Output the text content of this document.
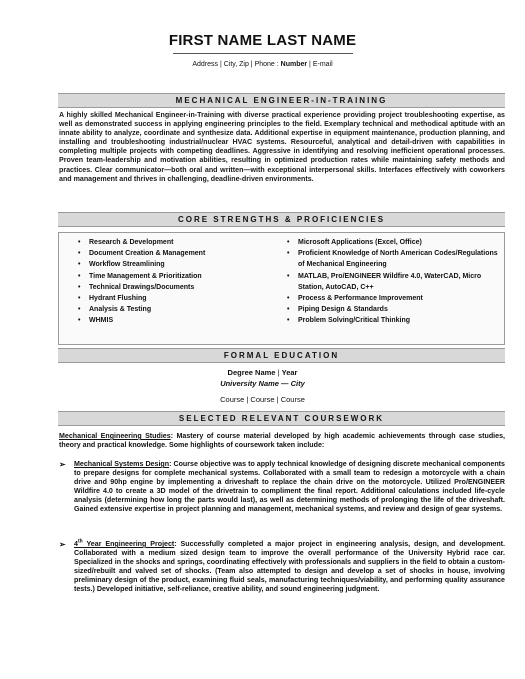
FIRST NAME LAST NAME
Address | City, Zip | Phone : Number | E-mail
MECHANICAL ENGINEER-IN-TRAINING
A highly skilled Mechanical Engineer-in-Training with diverse practical experience providing project troubleshooting expertise, as well as demonstrated success in applying engineering principles to the field. Exemplary technical and methodical aptitude with an innate ability to analyze, coordinate and synthesize data. Additional expertise in equipment maintenance, production planning, and installing and troubleshooting industrial/nuclear HVAC systems. Resourceful, analytical and detail-driven with capabilities in completing multiple projects with competing deadlines. Aggressive in identifying and resolving inefficient operational processes. Proven team-leadership and motivation abilities, resulting in optimized production rates while maintaining safety methods and practices. Clear communicator—both oral and written—with exceptional interpersonal skills. Interfaces effectively with coworkers and management and thrives in challenging, deadline-driven environments.
CORE STRENGTHS & PROFICIENCIES
• Research & Development
• Document Creation & Management
• Workflow Streamlining
• Time Management & Prioritization
• Technical Drawings/Documents
• Hydrant Flushing
• Analysis & Testing
• WHMIS
• Microsoft Applications (Excel, Office)
• Proficient Knowledge of North American Codes/Regulations of Mechanical Engineering
• MATLAB, Pro/ENGINEER Wildfire 4.0, WaterCAD, Micro Station, AutoCAD, C++
• Process & Performance Improvement
• Piping Design & Standards
• Problem Solving/Critical Thinking
FORMAL EDUCATION
Degree Name | Year
University Name — City
Course | Course | Course
SELECTED RELEVANT COURSEWORK
Mechanical Engineering Studies: Mastery of course material developed by high academic achievements through case studies, theory and practical knowledge. Some highlights of coursework taken include:
➢ Mechanical Systems Design: Course objective was to apply technical knowledge of designing discrete mechanical components to prepare designs for complete mechanical systems. Collaborated with a small team to redesign a motorcycle with a chain drive and 90hp engine by implementing a driveshaft to replace the chain drive on the motorcycle. Utilized Pro/ENGINEER Wildfire 4.0 to create a 3D model of the drivetrain to compliment the final report. Additional calculations included life-cycle analysis (determining how long the parts would last), as well as determining methods of prolonging the life of the driveshaft. Gained extensive expertise in project planning and management, mechanical systems, and review and design of gear systems.
➢ 4th Year Engineering Project: Successfully completed a major project in engineering analysis, design, and development. Collaborated with a medium sized design team to improve the overall performance of the University Hybrid race car. Specialized in the shocks and springs, coordinating effectively with professionals and suppliers in the field to obtain a custom-sized/rebuilt and valved set of shocks. (Team also attempted to design and develop a set of shocks in house, involving preliminary design of the product, examining fluid seals, manufacturing techniques/viability, and performing quality assurance tests.) Developed initiative, self-reliance, creative ability, and sound engineering judgment.
